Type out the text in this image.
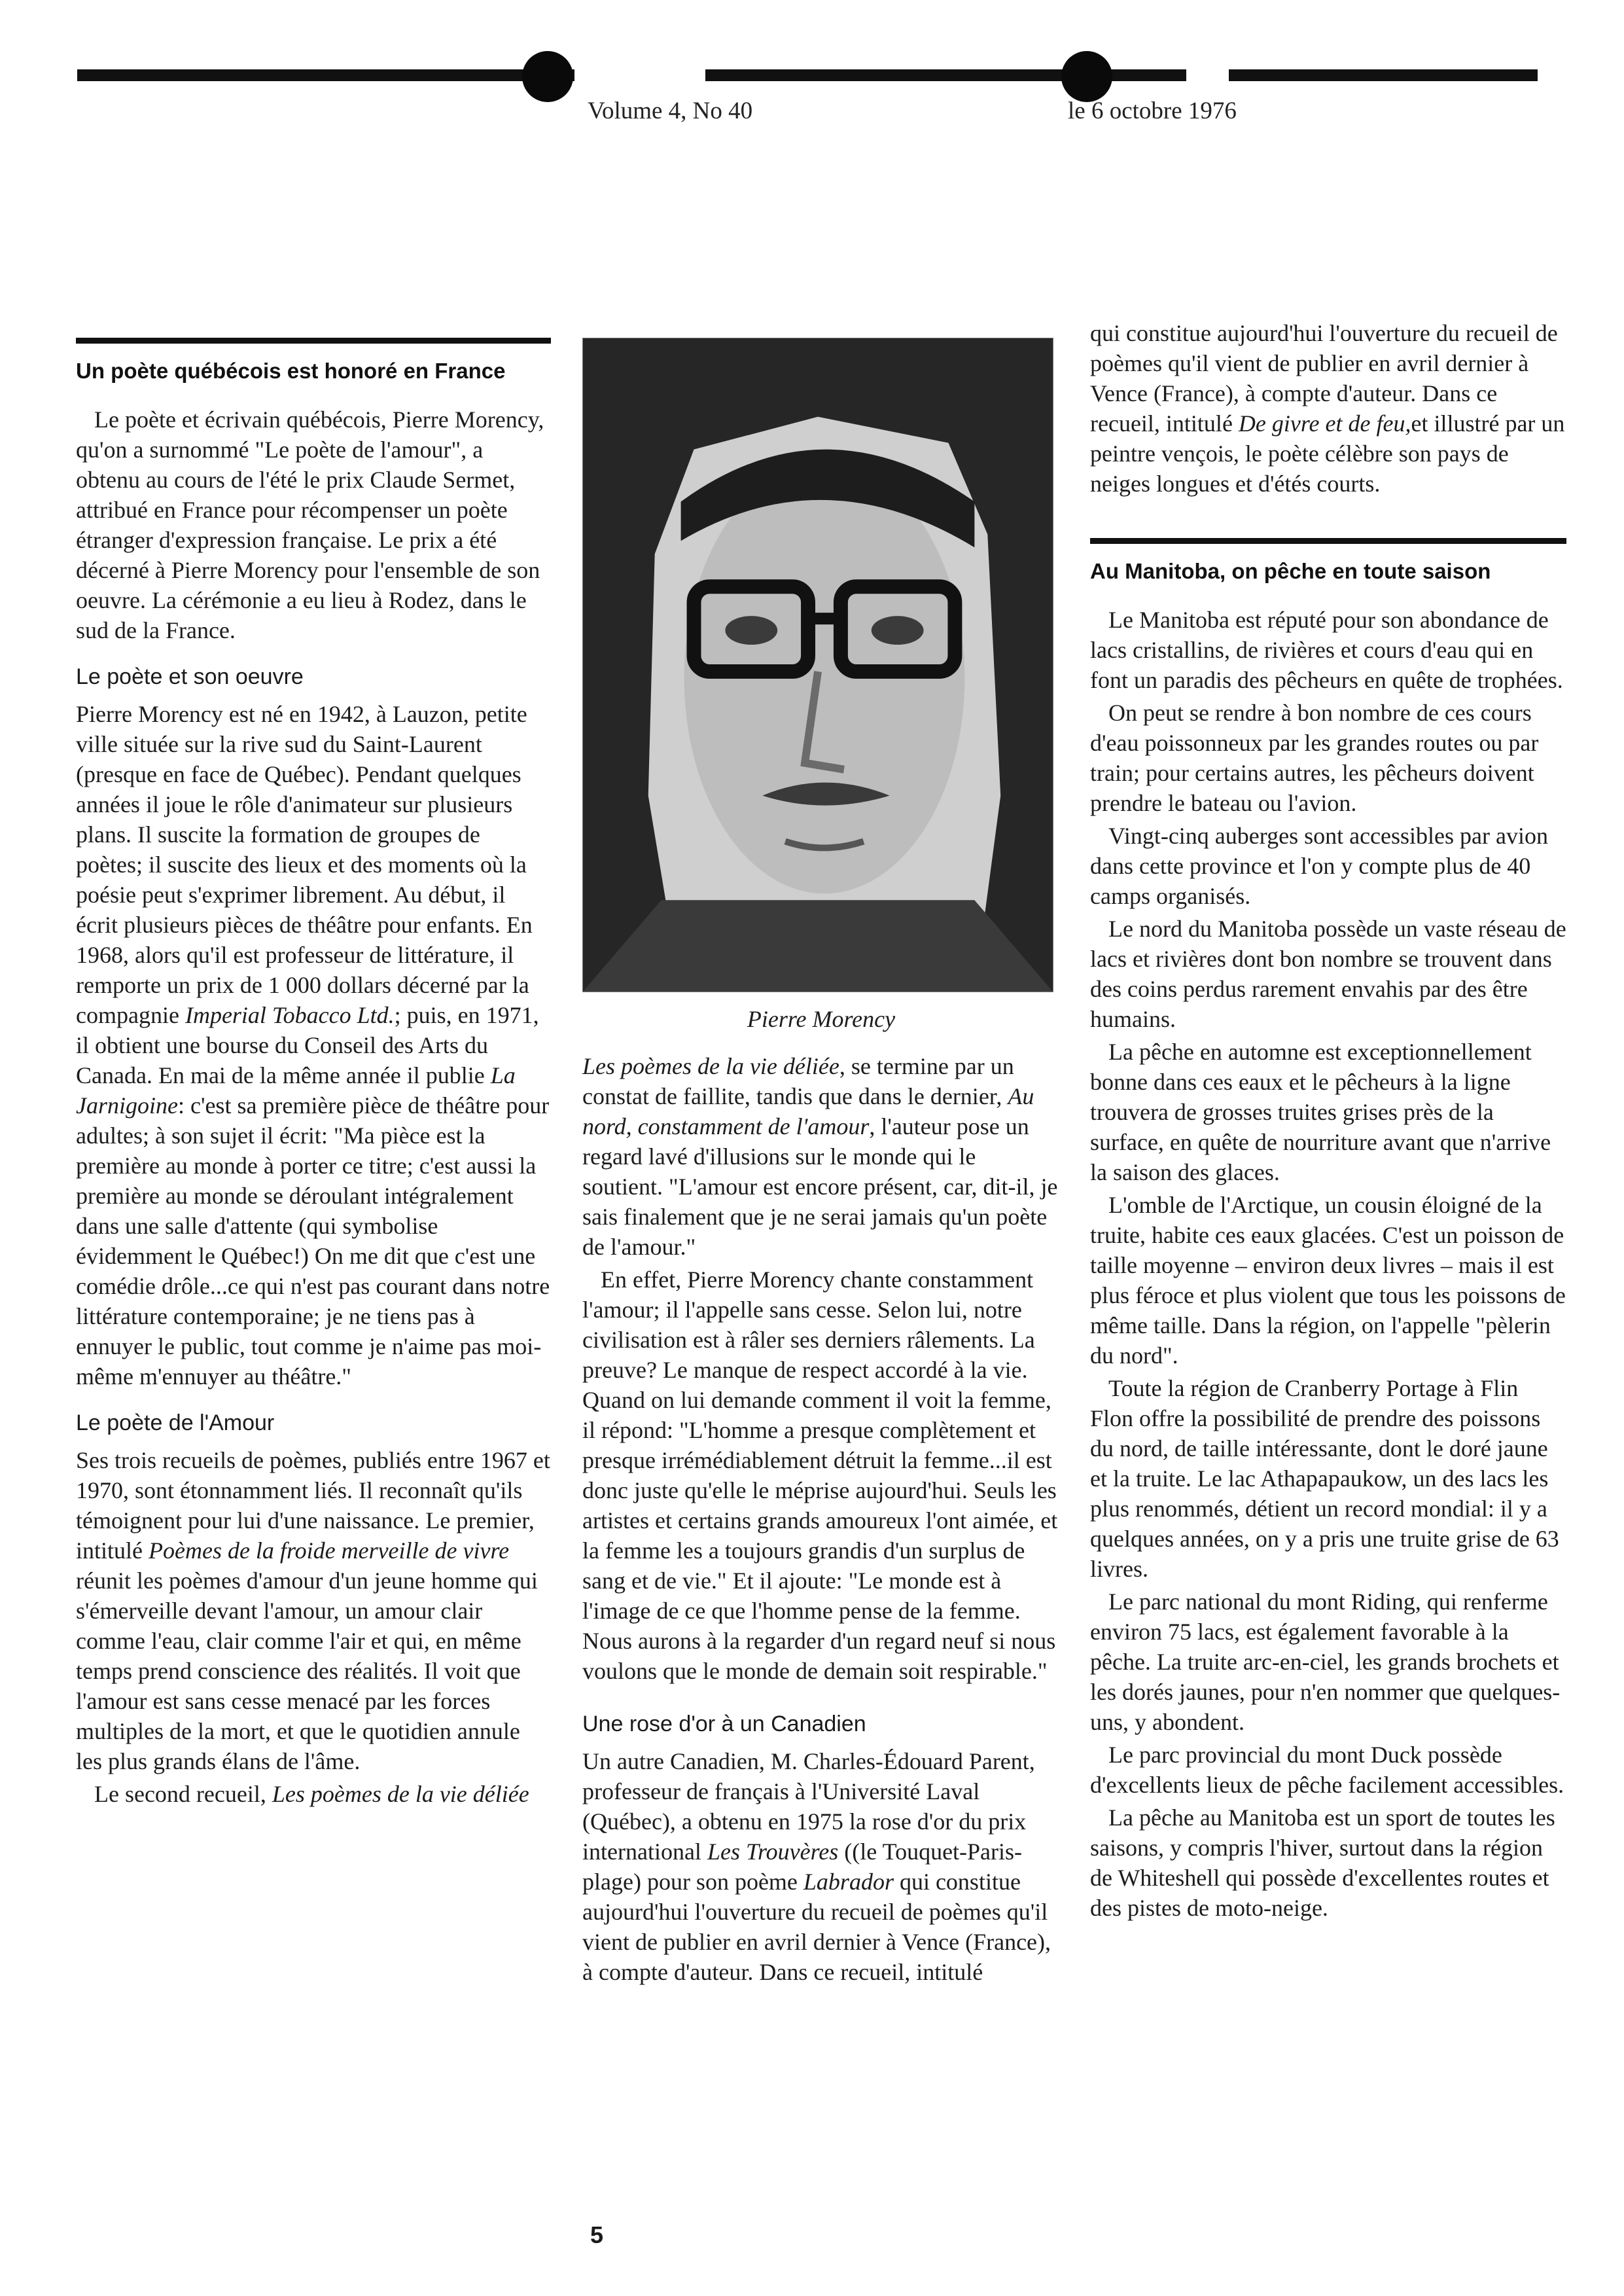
Volume 4, No 40	le 6 octobre 1976
Un poète québécois est honoré en France

Le poète et écrivain québécois, Pierre Morency, qu'on a surnommé "Le poète de l'amour", a obtenu au cours de l'été le prix Claude Sermet, attribué en France pour récompenser un poète étranger d'expression française. Le prix a été décerné à Pierre Morency pour l'ensemble de son oeuvre. La cérémonie a eu lieu à Rodez, dans le sud de la France.

Le poète et son oeuvre

Pierre Morency est né en 1942, à Lauzon, petite ville située sur la rive sud du Saint-Laurent (presque en face de Québec). Pendant quelques années il joue le rôle d'animateur sur plusieurs plans. Il suscite la formation de groupes de poètes; il suscite des lieux et des moments où la poésie peut s'exprimer librement. Au début, il écrit plusieurs pièces de théâtre pour enfants. En 1968, alors qu'il est professeur de littérature, il remporte un prix de 1 000 dollars décerné par la compagnie Imperial Tobacco Ltd.; puis, en 1971, il obtient une bourse du Conseil des Arts du Canada. En mai de la même année il publie La Jarnigoine: c'est sa première pièce de théâtre pour adultes; à son sujet il écrit: "Ma pièce est la première au monde à porter ce titre; c'est aussi la première au monde se déroulant intégralement dans une salle d'attente (qui symbolise évidemment le Québec!) On me dit que c'est une comédie drôle...ce qui n'est pas courant dans notre littérature contemporaine; je ne tiens pas à ennuyer le public, tout comme je n'aime pas moi-même m'ennuyer au théâtre."

Le poète de l'Amour

Ses trois recueils de poèmes, publiés entre 1967 et 1970, sont étonnamment liés. Il reconnaît qu'ils témoignent pour lui d'une naissance. Le premier, intitulé Poèmes de la froide merveille de vivre réunit les poèmes d'amour d'un jeune homme qui s'émerveille devant l'amour, un amour clair comme l'eau, clair comme l'air et qui, en même temps prend conscience des réalités. Il voit que l'amour est sans cesse menacé par les forces multiples de la mort, et que le quotidien annule les plus grands élans de l'âme.

Le second recueil, Les poèmes de la vie déliée

Pierre Morency

Les poèmes de la vie déliée, se termine par un constat de faillite, tandis que dans le dernier, Au nord, constamment de l'amour, l'auteur pose un regard lavé d'illusions sur le monde qui le soutient. "L'amour est encore présent, car, dit-il, je sais finalement que je ne serai jamais qu'un poète de l'amour."

En effet, Pierre Morency chante constamment l'amour; il l'appelle sans cesse. Selon lui, notre civilisation est à râler ses derniers râlements. La preuve? Le manque de respect accordé à la vie. Quand on lui demande comment il voit la femme, il répond: "L'homme a presque complètement et presque irrémédiablement détruit la femme...il est donc juste qu'elle le méprise aujourd'hui. Seuls les artistes et certains grands amoureux l'ont aimée, et la femme les a toujours grandis d'un surplus de sang et de vie." Et il ajoute: "Le monde est à l'image de ce que l'homme pense de la femme. Nous aurons à la regarder d'un regard neuf si nous voulons que le monde de demain soit respirable."

Une rose d'or à un Canadien

Un autre Canadien, M. Charles-Édouard Parent, professeur de français à l'Université Laval (Québec), a obtenu en 1975 la rose d'or du prix international Les Trouvères ((le Touquet-Paris-plage) pour son poème Labrador qui constitue aujourd'hui l'ouverture du recueil de poèmes qu'il vient de publier en avril dernier à Vence (France), à compte d'auteur. Dans ce recueil, intitulé

qui constitue aujourd'hui l'ouverture du recueil de poèmes qu'il vient de publier en avril dernier à Vence (France), à compte d'auteur. Dans ce recueil, intitulé De givre et de feu,et illustré par un peintre vençois, le poète célèbre son pays de neiges longues et d'étés courts.

Au Manitoba, on pêche en toute saison

Le Manitoba est réputé pour son abondance de lacs cristallins, de rivières et cours d'eau qui en font un paradis des pêcheurs en quête de trophées.

On peut se rendre à bon nombre de ces cours d'eau poissonneux par les grandes routes ou par train; pour certains autres, les pêcheurs doivent prendre le bateau ou l'avion.

Vingt-cinq auberges sont accessibles par avion dans cette province et l'on y compte plus de 40 camps organisés.

Le nord du Manitoba possède un vaste réseau de lacs et rivières dont bon nombre se trouvent dans des coins perdus rarement envahis par des être humains.

La pêche en automne est exceptionnellement bonne dans ces eaux et le pêcheurs à la ligne trouvera de grosses truites grises près de la surface, en quête de nourriture avant que n'arrive la saison des glaces.

L'omble de l'Arctique, un cousin éloigné de la truite, habite ces eaux glacées. C'est un poisson de taille moyenne – environ deux livres – mais il est plus féroce et plus violent que tous les poissons de même taille. Dans la région, on l'appelle "pèlerin du nord".

Toute la région de Cranberry Portage à Flin Flon offre la possibilité de prendre des poissons du nord, de taille intéressante, dont le doré jaune et la truite. Le lac Athapapaukow, un des lacs les plus renommés, détient un record mondial: il y a quelques années, on y a pris une truite grise de 63 livres.

Le parc national du mont Riding, qui renferme environ 75 lacs, est également favorable à la pêche. La truite arc-en-ciel, les grands brochets et les dorés jaunes, pour n'en nommer que quelques-uns, y abondent.

Le parc provincial du mont Duck possède d'excellents lieux de pêche facilement accessibles.

La pêche au Manitoba est un sport de toutes les saisons, y compris l'hiver, surtout dans la région de Whiteshell qui possède d'excellentes routes et des pistes de moto-neige.

5
